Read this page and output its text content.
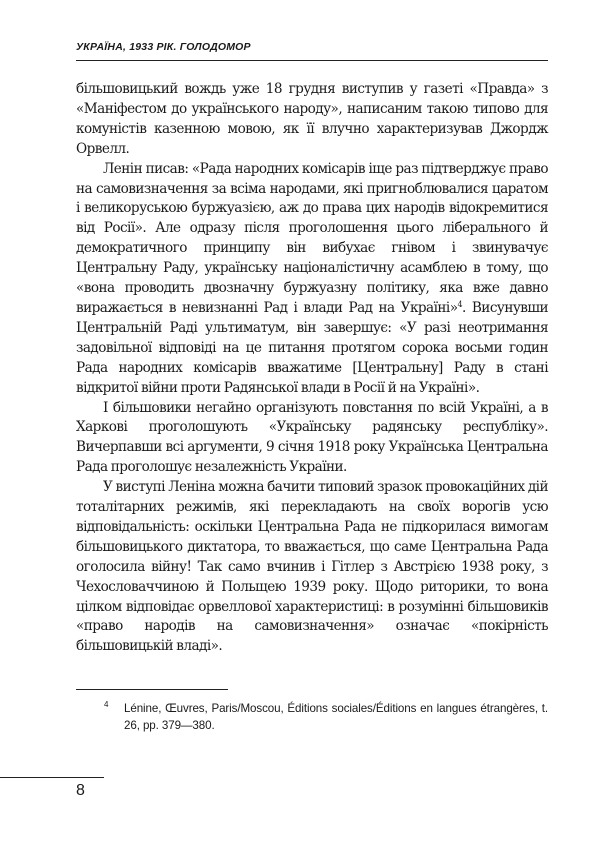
УКРАЇНА, 1933 РІК. ГОЛОДОМОР

більшовицький вождь уже 18 грудня виступив у газеті «Правда» з «Маніфестом до українського народу», написаним такою типово для комуністів казенною мовою, як її влучно характеризував Джордж Орвелл.

Ленін писав: «Рада народних комісарів іще раз підтверджує право на самовизначення за всіма народами, які пригноблювалися царатом і великоруською буржуазією, аж до права цих народів відокремитися від Росії». Але одразу після проголошення цього ліберального й демократичного принципу він вибухає гнівом і звинувачує Центральну Раду, українську націоналістичну асамблею в тому, що «вона проводить двозначну буржуазну політику, яка вже давно виражається в невизнанні Рад і влади Рад на Україні»$^4$. Висунувши Центральній Раді ультиматум, він завершує: «У разі неотримання задовільної відповіді на це питання протягом сорока восьми годин Рада народних комісарів вважатиме [Центральну] Раду в стані відкритої війни проти Радянської влади в Росії й на Україні».

І більшовики негайно організують повстання по всій Україні, а в Харкові проголошують «Українську радянську республіку». Вичерпавши всі аргументи, 9 січня 1918 року Українська Центральна Рада проголошує незалежність України.

У виступі Леніна можна бачити типовий зразок провокаційних дій тоталітарних режимів, які перекладають на своїх ворогів усю відповідальність: оскільки Центральна Рада не підкорилася вимогам більшовицького диктатора, то вважається, що саме Центральна Рада оголосила війну! Так само вчинив і Гітлер з Австрією 1938 року, з Чехословаччиною й Польщею 1939 року. Щодо риторики, то вона цілком відповідає орвеллової характеристиці: в розумінні більшовиків «право народів на самовизначення» означає «покірність більшовицькій владі».

4 Lénine, Œuvres, Paris/Moscou, Éditions sociales/Éditions en langues étrangères, t. 26, pp. 379—380.
8
